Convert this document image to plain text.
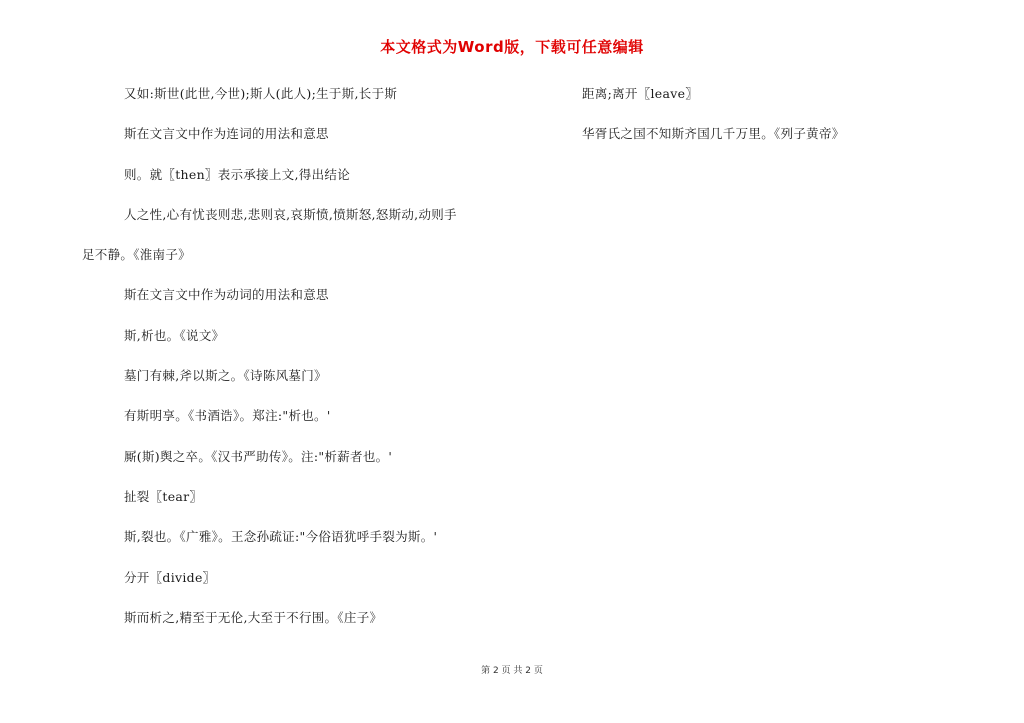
本文格式为Word版，下载可任意编辑
又如:斯世(此世,今世);斯人(此人);生于斯,长于斯
斯在文言文中作为连词的用法和意思
则。就〖then〗表示承接上文,得出结论
人之性,心有忧丧则悲,悲则哀,哀斯愤,愤斯怒,怒斯动,动则手
足不静。《淮南子》
斯在文言文中作为动词的用法和意思
斯,析也。《说文》
墓门有棘,斧以斯之。《诗陈风墓门》
有斯明享。《书酒诰》。郑注:"析也。'
厮(斯)舆之卒。《汉书严助传》。注:"析薪者也。'
扯裂〖tear〗
斯,裂也。《广雅》。王念孙疏证:"今俗语犹呼手裂为斯。'
分开〖divide〗
斯而析之,精至于无伦,大至于不行围。《庄子》
距离;离开〖leave〗
华胥氏之国不知斯齐国几千万里。《列子黄帝》
第 2 页 共 2 页
